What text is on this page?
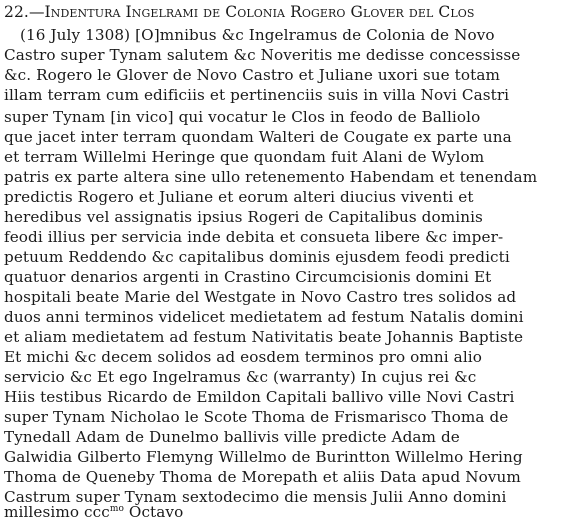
22.—Indentura Ingelrami de Colonia Rogero Glover del Clos
(16 July 1308) [O]mnibus &c Ingelramus de Colonia de Novo
Castro super Tynam salutem &c Noveritis me dedisse concessisse
&c. Rogero le Glover de Novo Castro et Juliane uxori sue totam
illam terram cum edificiis et pertinenciis suis in villa Novi Castri
super Tynam [in vico] qui vocatur le Clos in feodo de Balliolo
que jacet inter terram quondam Walteri de Cougate ex parte una
et terram Willelmi Heringe que quondam fuit Alani de Wylom
patris ex parte altera sine ullo retenemento Habendam et tenendam
predictis Rogero et Juliane et eorum alteri diucius viventi et
heredibus vel assignatis ipsius Rogeri de Capitalibus dominis
feodi illius per servicia inde debita et consueta libere &c imper-
petuum Reddendo &c capitalibus dominis ejusdem feodi predicti
quatuor denarios argenti in Crastino Circumcisionis domini Et
hospitali beate Marie del Westgate in Novo Castro tres solidos ad
duos anni terminos videlicet medietatem ad festum Natalis domini
et aliam medietatem ad festum Nativitatis beate Johannis Baptiste
Et michi &c decem solidos ad eosdem terminos pro omni alio
servicio &c Et ego Ingelramus &c (warranty) In cujus rei &c
Hiis testibus Ricardo de Emildon Capitali ballivo ville Novi Castri
super Tynam Nicholao le Scote Thoma de Frismarisco Thoma de
Tynedall Adam de Dunelmo ballivis ville predicte Adam de
Galwidia Gilberto Flemyng Willelmo de Burintton Willelmo Hering
Thoma de Queneby Thoma de Morepath et aliis Data apud Novum
Castrum super Tynam sextodecimo die mensis Julii Anno domini
millesimo ccc$^{mo}$ Octavo
